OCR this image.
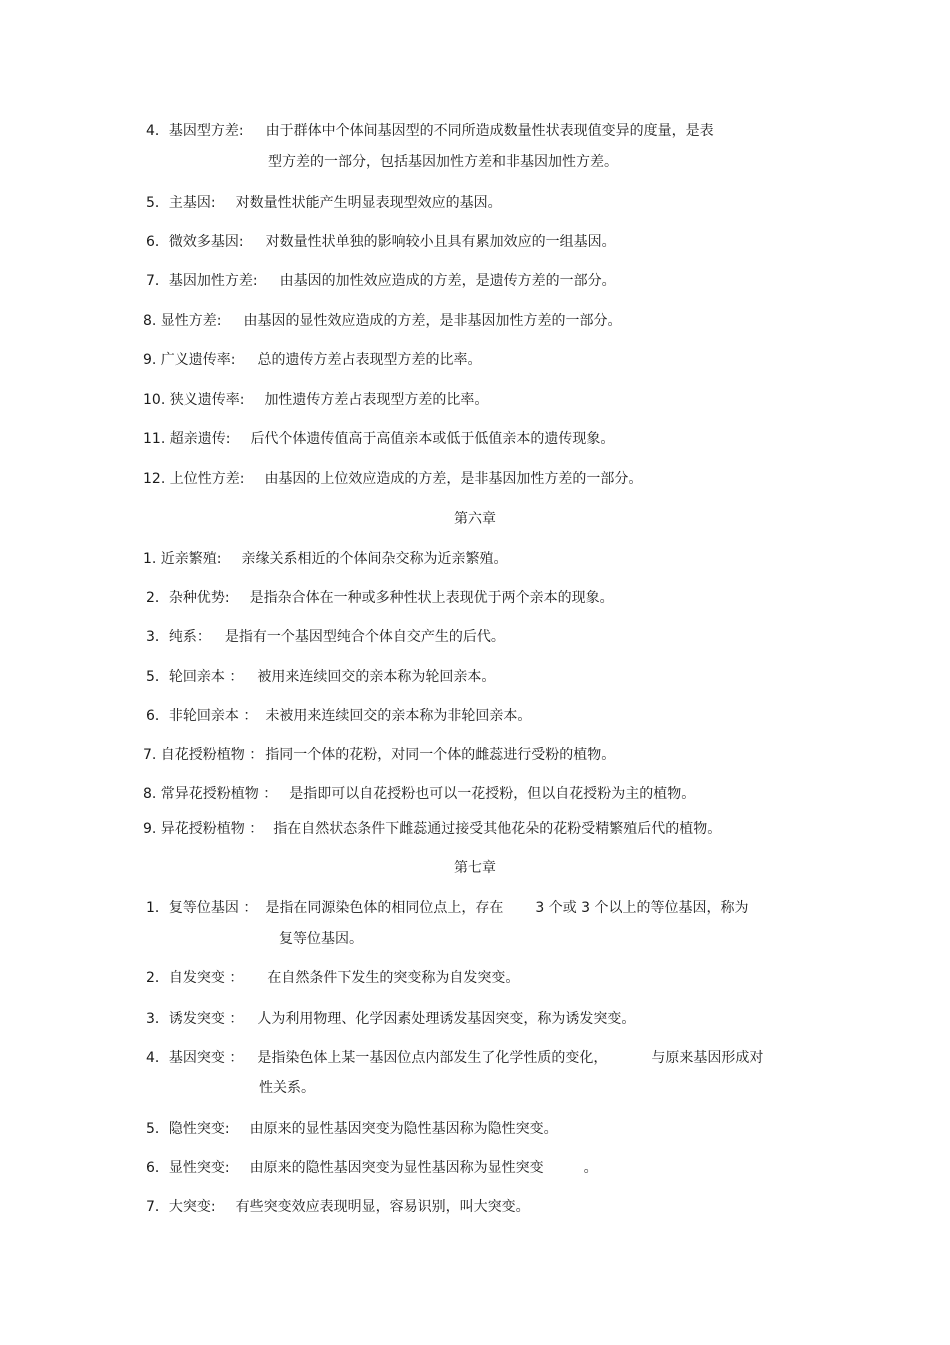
4．基因型方差: 由于群体中个体间基因型的不同所造成数量性状表现值变异的度量，是表
型方差的一部分，包括基因加性方差和非基因加性方差。
5．主基因: 对数量性状能产生明显表现型效应的基因。
6．微效多基因: 对数量性状单独的影响较小且具有累加效应的一组基因。
7．基因加性方差: 由基因的加性效应造成的方差，是遗传方差的一部分。
8. 显性方差: 由基因的显性效应造成的方差，是非基因加性方差的一部分。
9. 广义遗传率: 总的遗传方差占表现型方差的比率。
10. 狭义遗传率: 加性遗传方差占表现型方差的比率。
11. 超亲遗传: 后代个体遗传值高于高值亲本或低于低值亲本的遗传现象。
12. 上位性方差: 由基因的上位效应造成的方差，是非基因加性方差的一部分。
第六章
1. 近亲繁殖: 亲缘关系相近的个体间杂交称为近亲繁殖。
2．杂种优势: 是指杂合体在一种或多种性状上表现优于两个亲本的现象。
3．纯系： 是指有一个基因型纯合个体自交产生的后代。
5．轮回亲本 ： 被用来连续回交的亲本称为轮回亲本。
6．非轮回亲本 ： 未被用来连续回交的亲本称为非轮回亲本。
7. 自花授粉植物 ： 指同一个体的花粉，对同一个体的雌蕊进行受粉的植物。
8. 常异花授粉植物 ： 是指即可以自花授粉也可以一花授粉，但以自花授粉为主的植物。
9. 异花授粉植物 ： 指在自然状态条件下雌蕊通过接受其他花朵的花粉受精繁殖后代的植物。
第七章
1．复等位基因 ： 是指在同源染色体的相同位点上，存在 3 个或 3 个以上的等位基因，称为
复等位基因。
2．自发突变 ： 在自然条件下发生的突变称为自发突变。
3．诱发突变 ： 人为利用物理、化学因素处理诱发基因突变，称为诱发突变。
4．基因突变 ： 是指染色体上某一基因位点内部发生了化学性质的变化，	与原来基因形成对
性关系。
5．隐性突变: 由原来的显性基因突变为隐性基因称为隐性突变。
6．显性突变: 由原来的隐性基因突变为显性基因称为显性突变	。
7．大突变: 有些突变效应表现明显，容易识别，叫大突变。
